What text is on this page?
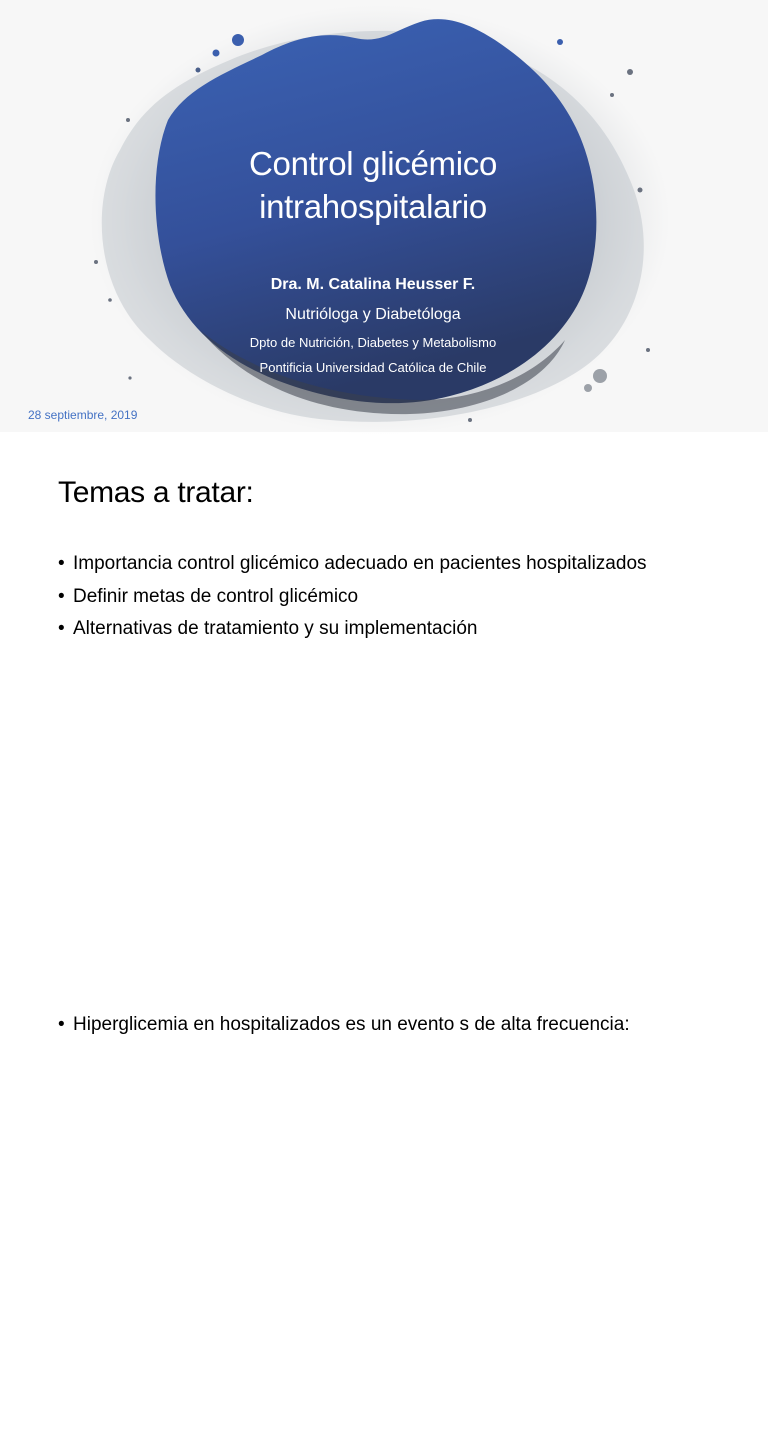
Control glicémico
intrahospitalario
Dra. M. Catalina Heusser F.
Nutrióloga y Diabetóloga
Dpto de Nutrición, Diabetes y Metabolismo
Pontificia Universidad Católica de Chile
28 septiembre, 2019
Temas a tratar:
• Importancia control glicémico adecuado en pacientes hospitalizados
• Definir metas de control glicémico
• Alternativas de tratamiento y su implementación
• Hiperglicemia en hospitalizados es un evento s de alta frecuencia:
